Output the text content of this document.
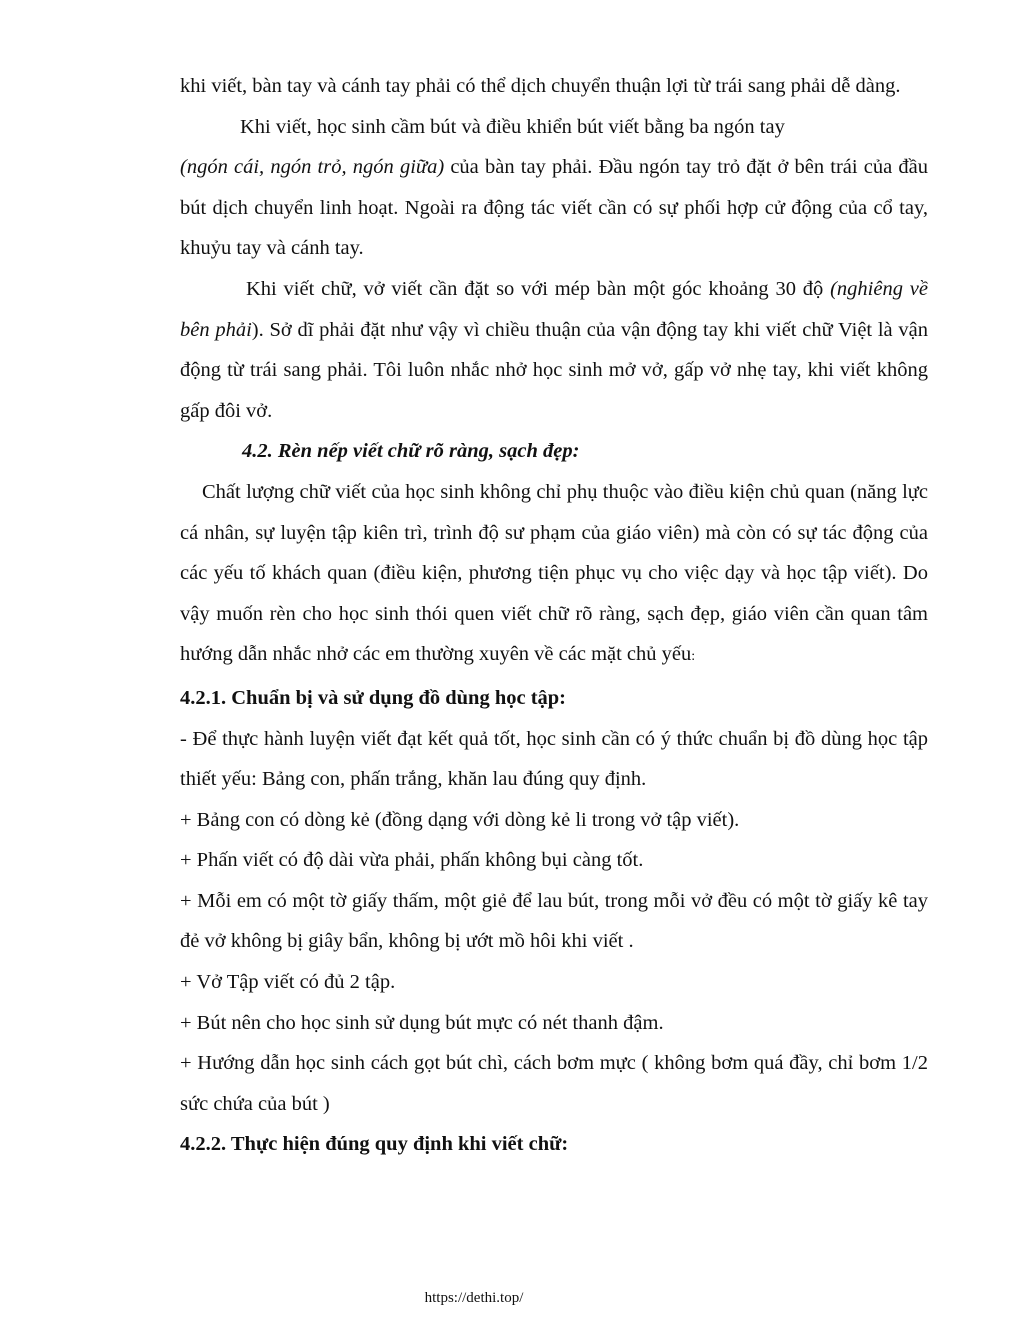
khi viết, bàn tay và cánh tay phải có thể dịch chuyển thuận lợi từ trái sang phải dễ dàng.

Khi viết, học sinh cầm bút và điều khiển bút viết bằng ba ngón tay

(ngón cái, ngón trỏ, ngón giữa) của bàn tay phải. Đầu ngón tay trỏ đặt ở bên trái của đầu bút dịch chuyển linh hoạt. Ngoài ra động tác viết cần có sự phối hợp cử động của cổ tay, khuỷu tay và cánh tay.

Khi viết chữ, vở viết cần đặt so với mép bàn một góc khoảng 30 độ (nghiêng về bên phải). Sở dĩ phải đặt như vậy vì chiều thuận của vận động tay khi viết chữ Việt là vận động từ trái sang phải. Tôi luôn nhắc nhở học sinh mở vở, gấp vở nhẹ tay, khi viết không gấp đôi vở.

4.2. Rèn nếp viết chữ rõ ràng, sạch đẹp:

Chất lượng chữ viết của học sinh không chỉ phụ thuộc vào điều kiện chủ quan (năng lực cá nhân, sự luyện tập kiên trì, trình độ sư phạm của giáo viên) mà còn có sự tác động của các yếu tố khách quan (điều kiện, phương tiện phục vụ cho việc dạy và học tập viết). Do vậy muốn rèn cho học sinh thói quen viết chữ rõ ràng, sạch đẹp, giáo viên cần quan tâm hướng dẫn nhắc nhở các em thường xuyên về các mặt chủ yếu:

4.2.1. Chuẩn bị và sử dụng đồ dùng học tập:

- Để thực hành luyện viết đạt kết quả tốt, học sinh cần có ý thức chuẩn bị đồ dùng học tập thiết yếu: Bảng con, phấn trắng, khăn lau đúng quy định.

+ Bảng con có dòng kẻ (đồng dạng với dòng kẻ li trong vở tập viết).

+ Phấn viết có độ dài vừa phải, phấn không bụi càng tốt.

+ Mỗi em có một tờ giấy thấm, một giẻ để lau bút, trong mỗi vở đều có một tờ giấy kê tay đẻ vở không bị giây bẩn, không bị ướt mồ hôi khi viết .

+ Vở Tập viết có đủ 2 tập.

+ Bút nên cho học sinh sử dụng bút mực có nét thanh đậm.

+ Hướng dẫn học sinh cách gọt bút chì, cách bơm mực ( không bơm quá đầy, chỉ bơm 1/2 sức chứa của bút )

4.2.2. Thực hiện đúng quy định khi viết chữ:

https://dethi.top/
